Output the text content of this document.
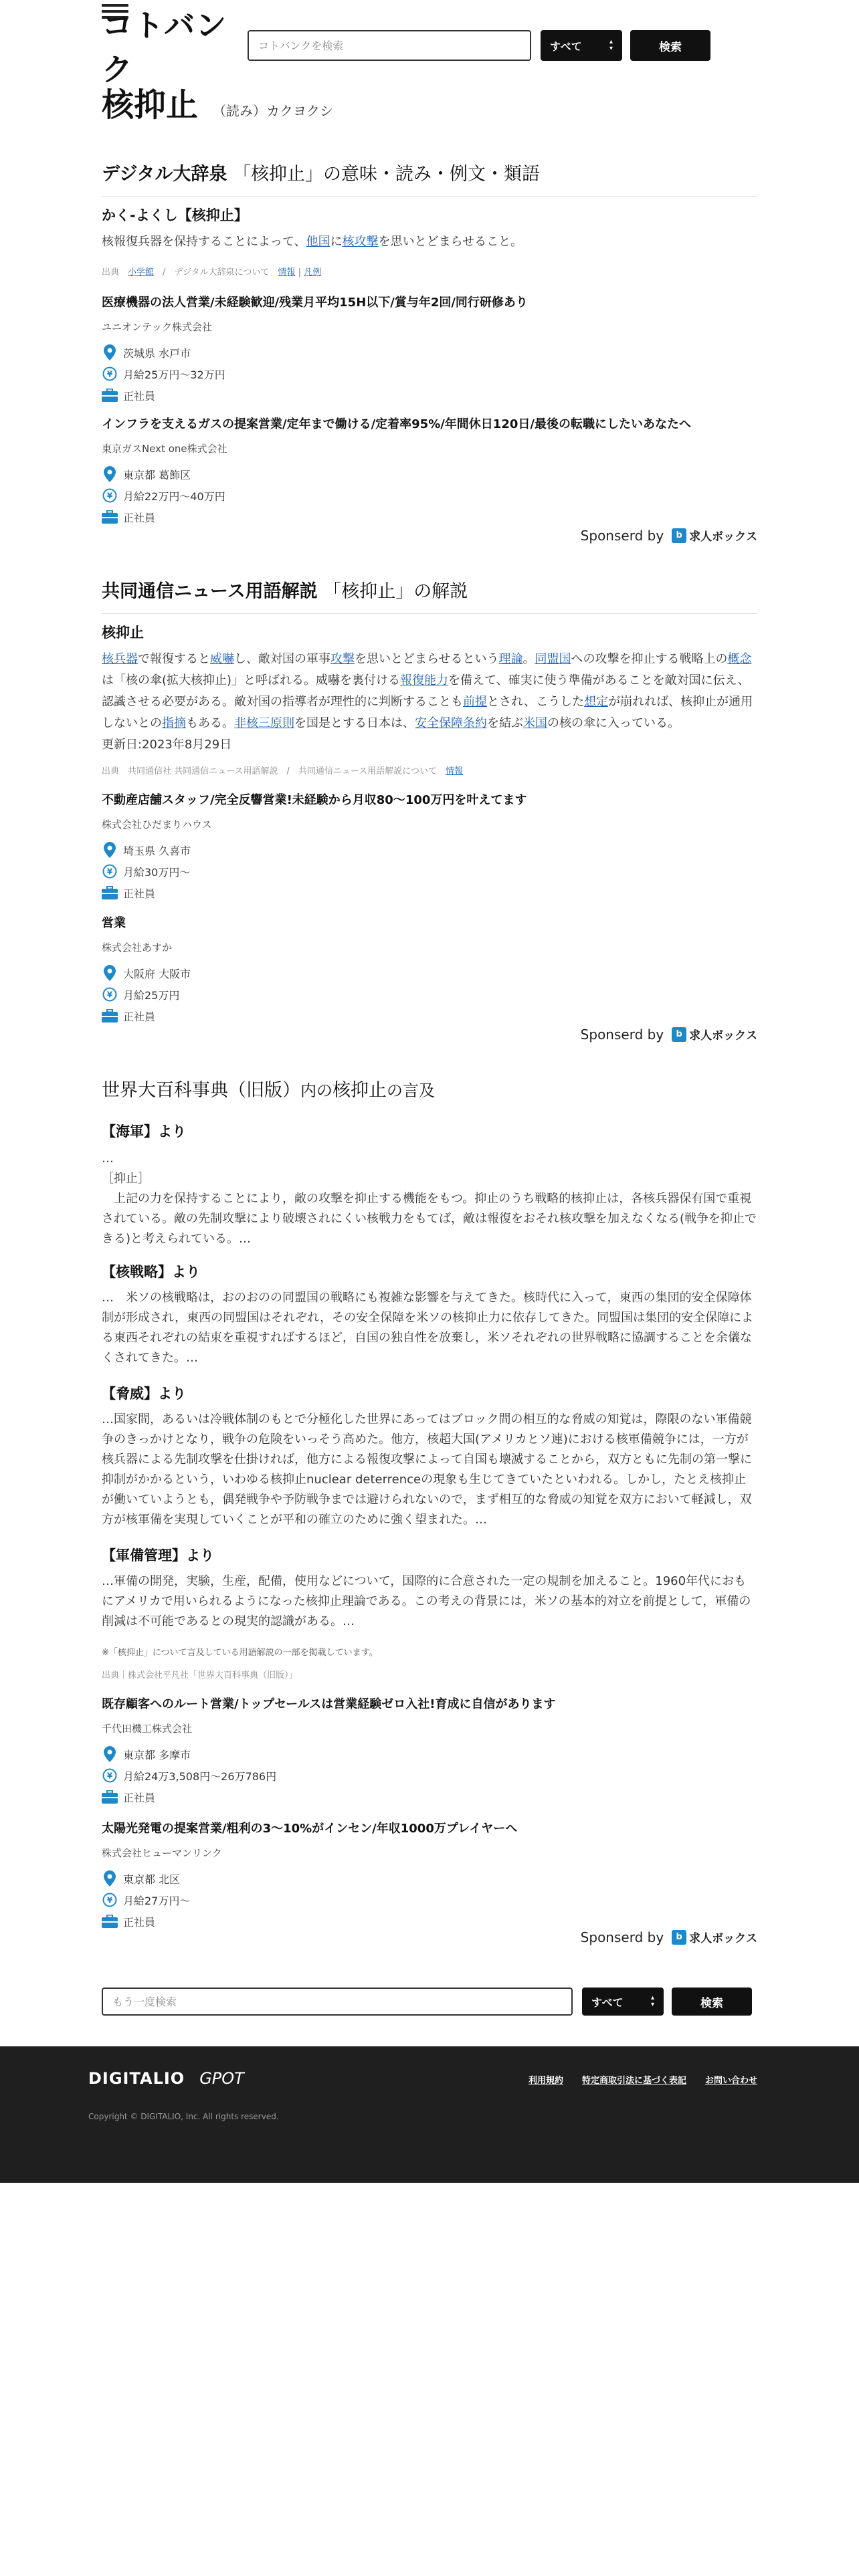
コトバンク
コトバンクを検索
すべて	▴
▾	検索
核抑止 （読み）カクヨクシ
デジタル大辞泉 「核抑止」の意味・読み・例文・類語
かく‐よくし【核抑止】
核報復兵器を保持することによって、他国に核攻撃を思いとどまらせること。
出典　 小学館　/　デジタル大辞泉について　 情報 | 凡例
医療機器の法人営業/未経験歓迎/残業月平均15H以下/賞与年2回/同行研修あり
ユニオンテック株式会社
茨城県 水戸市
¥ 月給25万円〜32万円
正社員
インフラを支えるガスの提案営業/定年まで働ける/定着率95%/年間休日120日/最後の転職にしたいあなたへ
東京ガスNext one株式会社
東京都 葛飾区
¥ 月給22万円〜40万円
正社員
Sponserd by	b 求人ボックス
共同通信ニュース用語解説 「核抑止」の解説
核抑止
核兵器で報復すると威嚇し、敵対国の軍事攻撃を思いとどまらせるという理論。同盟国への攻撃を抑止する戦略上の概念は「核の傘(拡大核抑止)」と呼ばれる。威嚇を裏付ける報復能力を備えて、確実に使う準備があることを敵対国に伝え、認識させる必要がある。敵対国の指導者が理性的に判断することも前提とされ、こうした想定が崩れれば、核抑止が通用しないとの指摘もある。非核三原則を国是とする日本は、安全保障条約を結ぶ米国の核の傘に入っている。
更新日:2023年8月29日
出典　 共同通信社 共同通信ニュース用語解説　/　共同通信ニュース用語解説について　 情報
不動産店舗スタッフ/完全反響営業!未経験から月収80〜100万円を叶えてます
株式会社ひだまりハウス
埼玉県 久喜市
¥ 月給30万円〜
正社員
営業
株式会社あすか
大阪府 大阪市
¥ 月給25万円
正社員
Sponserd by	b 求人ボックス
世界大百科事典（旧版）内の核抑止の言及
【海軍】より
…
［抑止］
　上記の力を保持することにより，敵の攻撃を抑止する機能をもつ。抑止のうち戦略的核抑止は，各核兵器保有国で重視されている。敵の先制攻撃により破壊されにくい核戦力をもてば，敵は報復をおそれ核攻撃を加えなくなる(戦争を抑止できる)と考えられている。…
【核戦略】より
…　米ソの核戦略は，おのおのの同盟国の戦略にも複雑な影響を与えてきた。核時代に入って，東西の集団的安全保障体制が形成され，東西の同盟国はそれぞれ，その安全保障を米ソの核抑止力に依存してきた。同盟国は集団的安全保障による東西それぞれの結束を重視すればするほど，自国の独自性を放棄し，米ソそれぞれの世界戦略に協調することを余儀なくされてきた。…
【脅威】より
…国家間，あるいは冷戦体制のもとで分極化した世界にあってはブロック間の相互的な脅威の知覚は，際限のない軍備競争のきっかけとなり，戦争の危険をいっそう高めた。他方，核超大国(アメリカとソ連)における核軍備競争には，一方が核兵器による先制攻撃を仕掛ければ，他方による報復攻撃によって自国も壊滅することから，双方ともに先制の第一撃に抑制がかかるという，いわゆる核抑止nuclear deterrenceの現象も生じてきていたといわれる。しかし，たとえ核抑止が働いていようとも，偶発戦争や予防戦争までは避けられないので，まず相互的な脅威の知覚を双方において軽減し，双方が核軍備を実現していくことが平和の確立のために強く望まれた。…
【軍備管理】より
…軍備の開発，実験，生産，配備，使用などについて，国際的に合意された一定の規制を加えること。1960年代におもにアメリカで用いられるようになった核抑止理論である。この考えの背景には，米ソの基本的対立を前提として，軍備の削減は不可能であるとの現実的認識がある。…
※「核抑止」について言及している用語解説の一部を掲載しています。
出典｜株式会社平凡社「世界大百科事典（旧版）」
既存顧客へのルート営業/トップセールスは営業経験ゼロ入社!育成に自信があります
千代田機工株式会社
東京都 多摩市
¥ 月給24万3,508円〜26万786円
正社員
太陽光発電の提案営業/粗利の3〜10%がインセン/年収1000万プレイヤーへ
株式会社ヒューマンリンク
東京都 北区
¥ 月給27万円〜
正社員
Sponserd by	b 求人ボックス
もう一度検索
すべて	▴
▾	検索
DIGITALIO GPOT	利用規約 特定商取引法に基づく表記 お問い合わせ
Copyright © DIGITALIO, Inc. All rights reserved.
